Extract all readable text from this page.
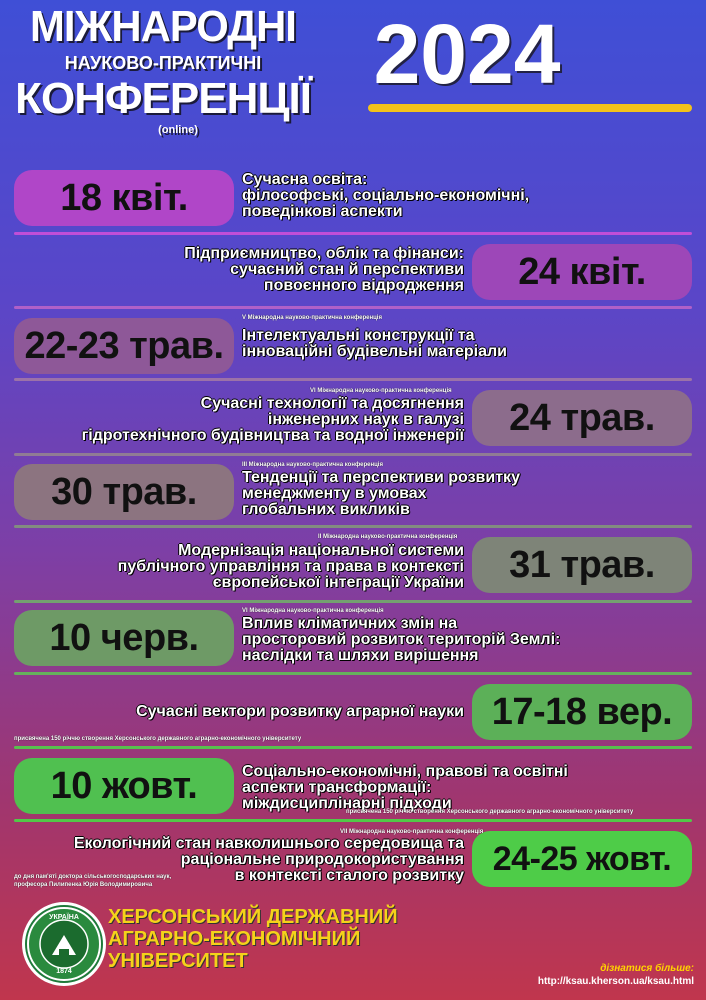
МІЖНАРОДНІ
НАУКОВО-ПРАКТИЧНІ
КОНФЕРЕНЦІЇ
(online)
2024
18 квіт.	Сучасна освіта:
філософські, соціально-економічні,
поведінкові аспекти
24 квіт.
Підприємництво, облік та фінанси:
сучасний стан й перспективи
повоєнного відродження
22-23 трав.
V Міжнародна науково-практична конференція
Інтелектуальні конструкції та
інноваційні будівельні матеріали
24 трав.
VI Міжнародна науково-практична конференція
Сучасні технології та досягнення
інженерних наук в галузі
гідротехнічного будівництва та водної інженерії
30 трав.
III Міжнародна науково-практична конференція
Тенденції та перспективи розвитку
менеджменту в умовах
глобальних викликів
31 трав.
II Міжнародна науково-практична конференція
Модернізація національної системи
публічного управління та права в контексті
європейської інтеграції України
10 черв.
VI Міжнародна науково-практична конференція
Вплив кліматичних змін на
просторовий розвиток територій Землі:
наслідки та шляхи вирішення
17-18 вер.
Сучасні вектори розвитку аграрної науки
присвячена 150 річчю створення Херсонського державного аграрно-економічного університету
10 жовт.	Соціально-економічні, правові та освітні
аспекти трансформації:
міждисциплінарні підходи
присвячена 150 річчю створення Херсонського державного аграрно-економічного університету
24-25 жовт.
VII Міжнародна науково-практична конференція
Екологічний стан навколишнього середовища та
раціональне природокористування
в контексті сталого розвитку
до дня пам'яті доктора сільськогосподарських наук,
професора Пилипенка Юрія Володимировича
УКРАЇНА
1874
ХЕРСОНСЬКИЙ ДЕРЖАВНИЙ
АГРАРНО-ЕКОНОМІЧНИЙ
УНІВЕРСИТЕТ	дізнатися більше:
http://ksau.kherson.ua/ksau.html
